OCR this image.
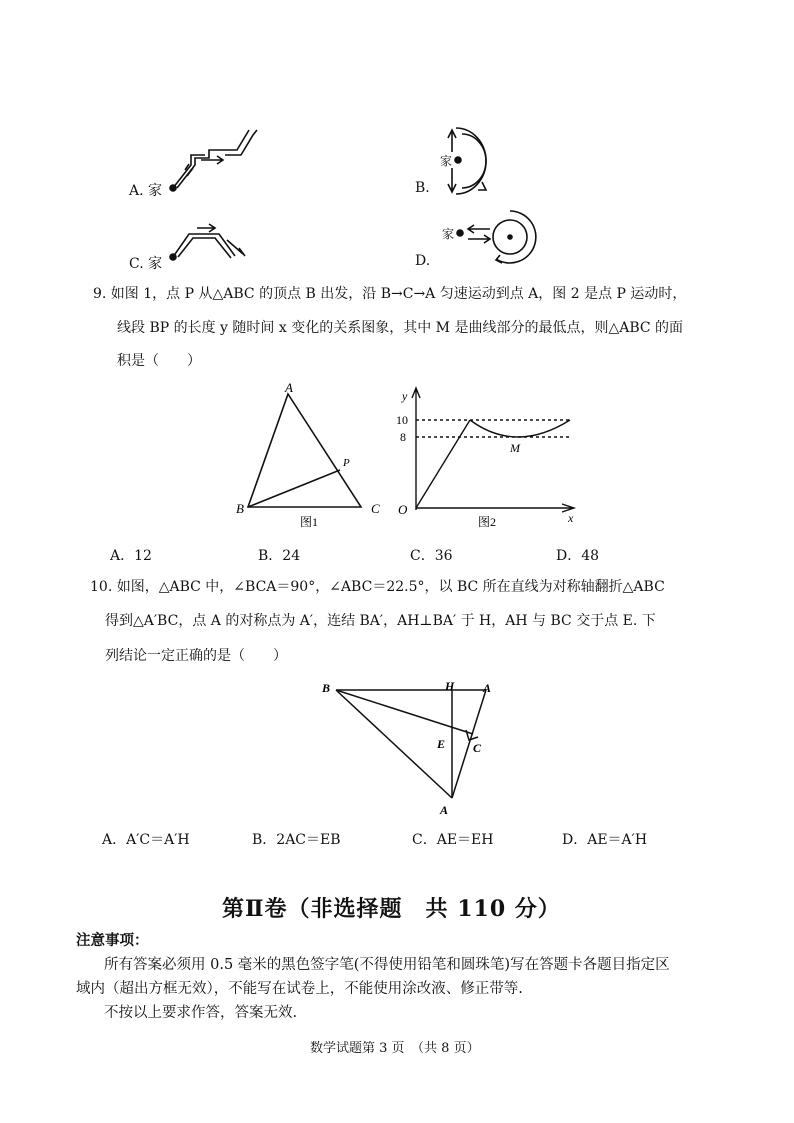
A. 家	B.
家
C. 家	D.
家
9. 如图 1，点 P 从△ABC 的顶点 B 出发，沿 B→C→A 匀速运动到点 A，图 2 是点 P 运动时，
线段 BP 的长度 y 随时间 x 变化的关系图象，其中 M 是曲线部分的最低点，则△ABC 的面
积是（　　）
A
B	C
P
图1
y
x
O
10
8
M
图2
A．12	B．24	C．36	D．48
10. 如图，△ABC 中，∠BCA＝90°，∠ABC＝22.5°，以 BC 所在直线为对称轴翻折△ABC
得到△A′BC，点 A 的对称点为 A′，连结 BA′，AH⊥BA′ 于 H，AH 与 BC 交于点 E. 下
列结论一定正确的是（　　）
B	H A
E C
A
A．A′C＝A′H	B．2AC＝EB	C．AE＝EH	D．AE＝A′H
第Ⅱ卷（非选择题　共 110 分）
注意事项：
所有答案必须用 0.5 毫米的黑色签字笔(不得使用铅笔和圆珠笔)写在答题卡各题目指定区
域内（超出方框无效），不能写在试卷上，不能使用涂改液、修正带等.
不按以上要求作答，答案无效.
数学试题第 3 页　（共 8 页）
